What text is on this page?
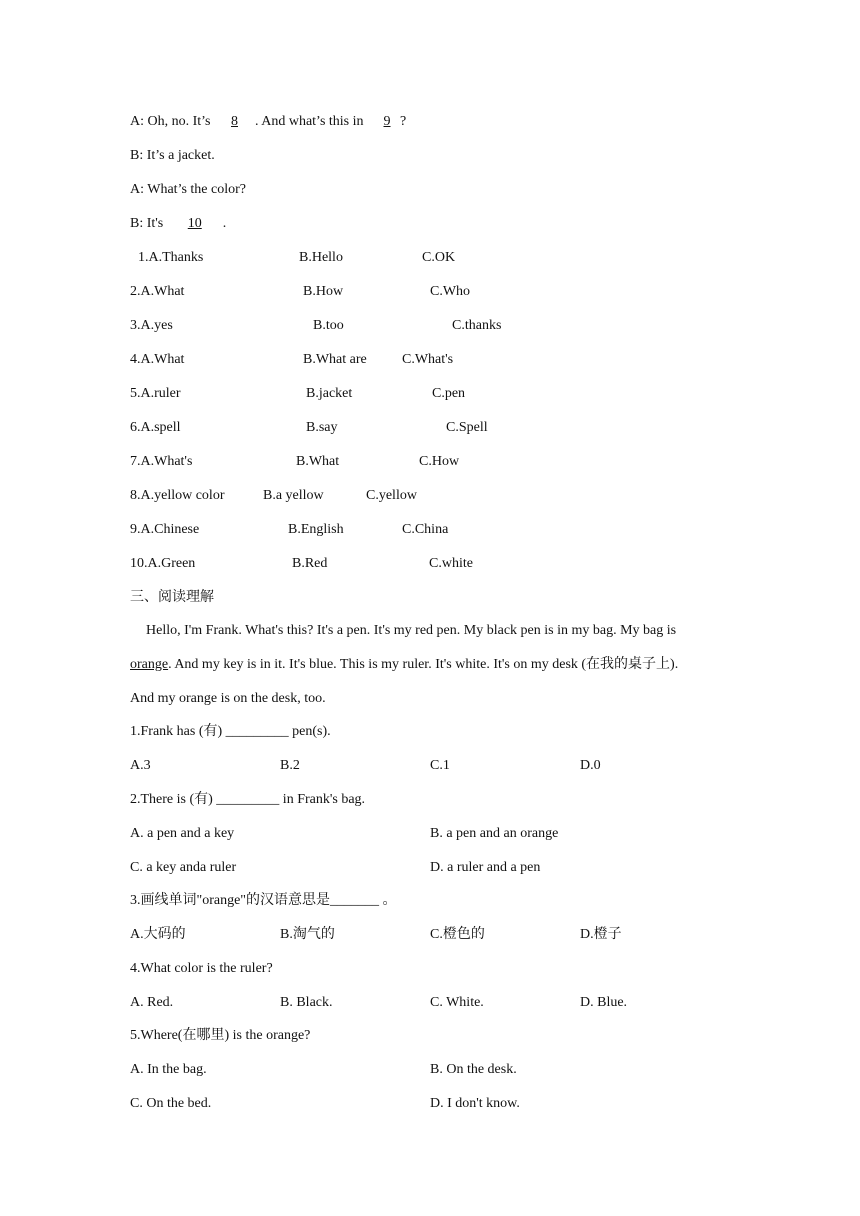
A: Oh, no. It’s  8 . And what’s this in 9 ?
B: It’s a jacket.
A: What’s the color?
B: It's   10 .
1.A.Thanks	B.Hello	C.OK
2.A.What	B.How	C.Who
3.A.yes	B.too	C.thanks
4.A.What	B.What are	C.What's
5.A.ruler	B.jacket	C.pen
6.A.spell	B.say	C.Spell
7.A.What's	B.What	C.How
8.A.yellow color	B.a yellow	C.yellow
9.A.Chinese	B.English	C.China
10.A.Green	B.Red	C.white
三、阅读理解
Hello, I'm Frank. What's this? It's a pen. It's my red pen. My black pen is in my bag. My bag is
orange. And my key is in it. It's blue. This is my ruler. It's white. It's on my desk (在我的桌子上).
And my orange is on the desk, too.
1.Frank has (有) _________ pen(s).
A.3	B.2	C.1	D.0
2.There is (有) _________ in Frank's bag.
A. a pen and a key	B. a pen and an orange
C. a key anda ruler	D. a ruler and a pen
3.画线单词"orange"的汉语意思是_______ 。
A.大码的	B.淘气的	C.橙色的	D.橙子
4.What color is the ruler?
A. Red.	B. Black.	C. White.	D. Blue.
5.Where(在哪里) is the orange?
A. In the bag.	B. On the desk.
C. On the bed.	D. I don't know.
